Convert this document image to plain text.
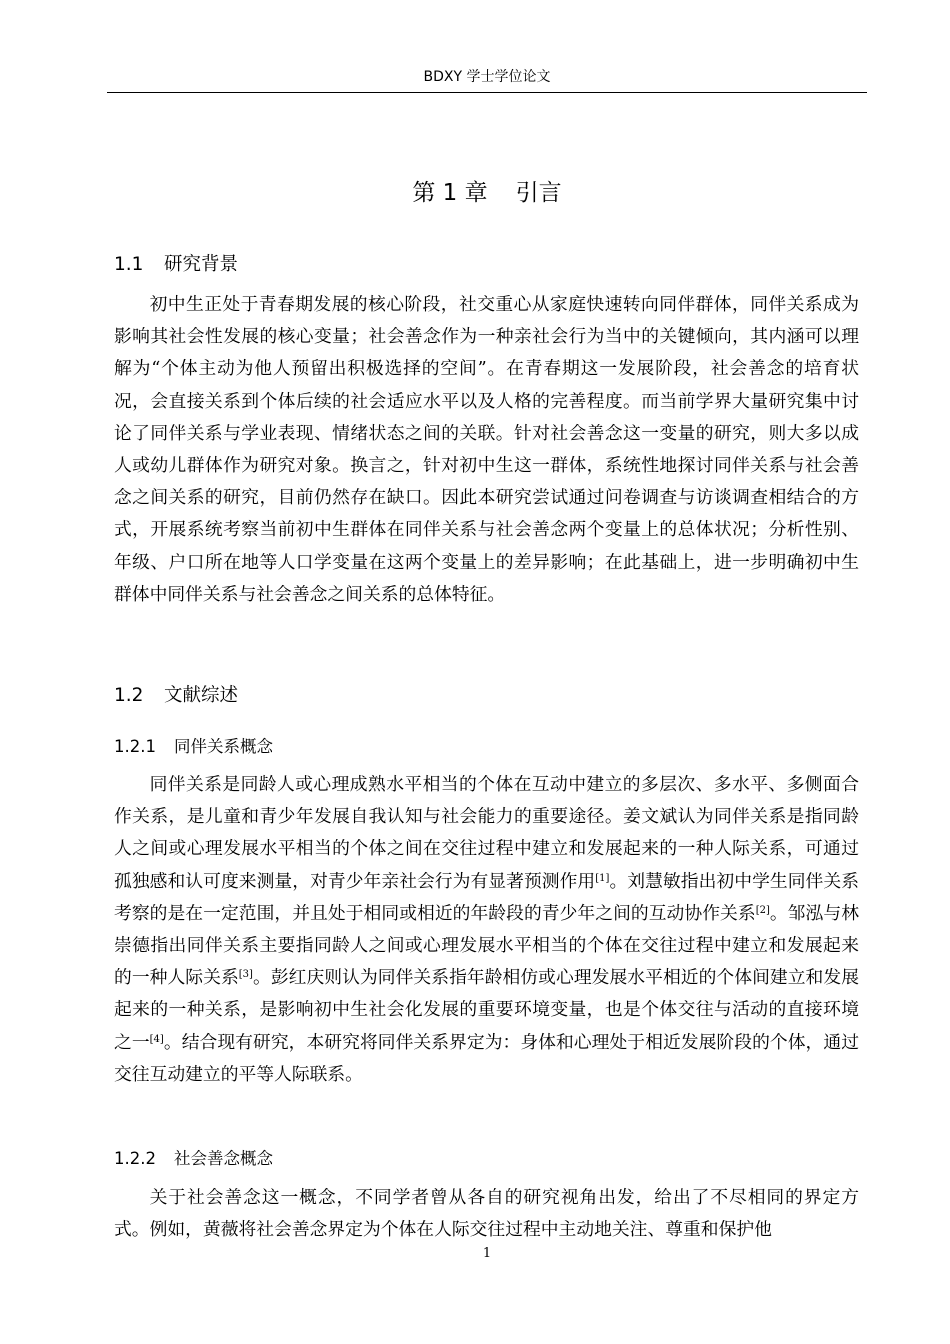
BDXY 学士学位论文
第 1 章 引言
1.1 研究背景

初中生正处于青春期发展的核心阶段，社交重心从家庭快速转向同伴群体，同伴关系成为影响其社会性发展的核心变量；社会善念作为一种亲社会行为当中的关键倾向，其内涵可以理解为“个体主动为他人预留出积极选择的空间”。在青春期这一发展阶段，社会善念的培育状况，会直接关系到个体后续的社会适应水平以及人格的完善程度。而当前学界大量研究集中讨论了同伴关系与学业表现、情绪状态之间的关联。针对社会善念这一变量的研究，则大多以成人或幼儿群体作为研究对象。换言之，针对初中生这一群体，系统性地探讨同伴关系与社会善念之间关系的研究，目前仍然存在缺口。因此本研究尝试通过问卷调查与访谈调查相结合的方式，开展系统考察当前初中生群体在同伴关系与社会善念两个变量上的总体状况；分析性别、年级、户口所在地等人口学变量在这两个变量上的差异影响；在此基础上，进一步明确初中生群体中同伴关系与社会善念之间关系的总体特征。

1.2 文献综述
1.2.1 同伴关系概念

同伴关系是同龄人或心理成熟水平相当的个体在互动中建立的多层次、多水平、多侧面合作关系，是儿童和青少年发展自我认知与社会能力的重要途径。姜文斌认为同伴关系是指同龄人之间或心理发展水平相当的个体之间在交往过程中建立和发展起来的一种人际关系，可通过孤独感和认可度来测量，对青少年亲社会行为有显著预测作用[1]。刘慧敏指出初中学生同伴关系考察的是在一定范围，并且处于相同或相近的年龄段的青少年之间的互动协作关系[2]。邹泓与林崇德指出同伴关系主要指同龄人之间或心理发展水平相当的个体在交往过程中建立和发展起来的一种人际关系[3]。彭红庆则认为同伴关系指年龄相仿或心理发展水平相近的个体间建立和发展起来的一种关系，是影响初中生社会化发展的重要环境变量，也是个体交往与活动的直接环境之一[4]。结合现有研究，本研究将同伴关系界定为：身体和心理处于相近发展阶段的个体，通过交往互动建立的平等人际联系。

1.2.2 社会善念概念

关于社会善念这一概念，不同学者曾从各自的研究视角出发，给出了不尽相同的界定方式。例如，黄薇将社会善念界定为个体在人际交往过程中主动地关注、尊重和保护他

1
